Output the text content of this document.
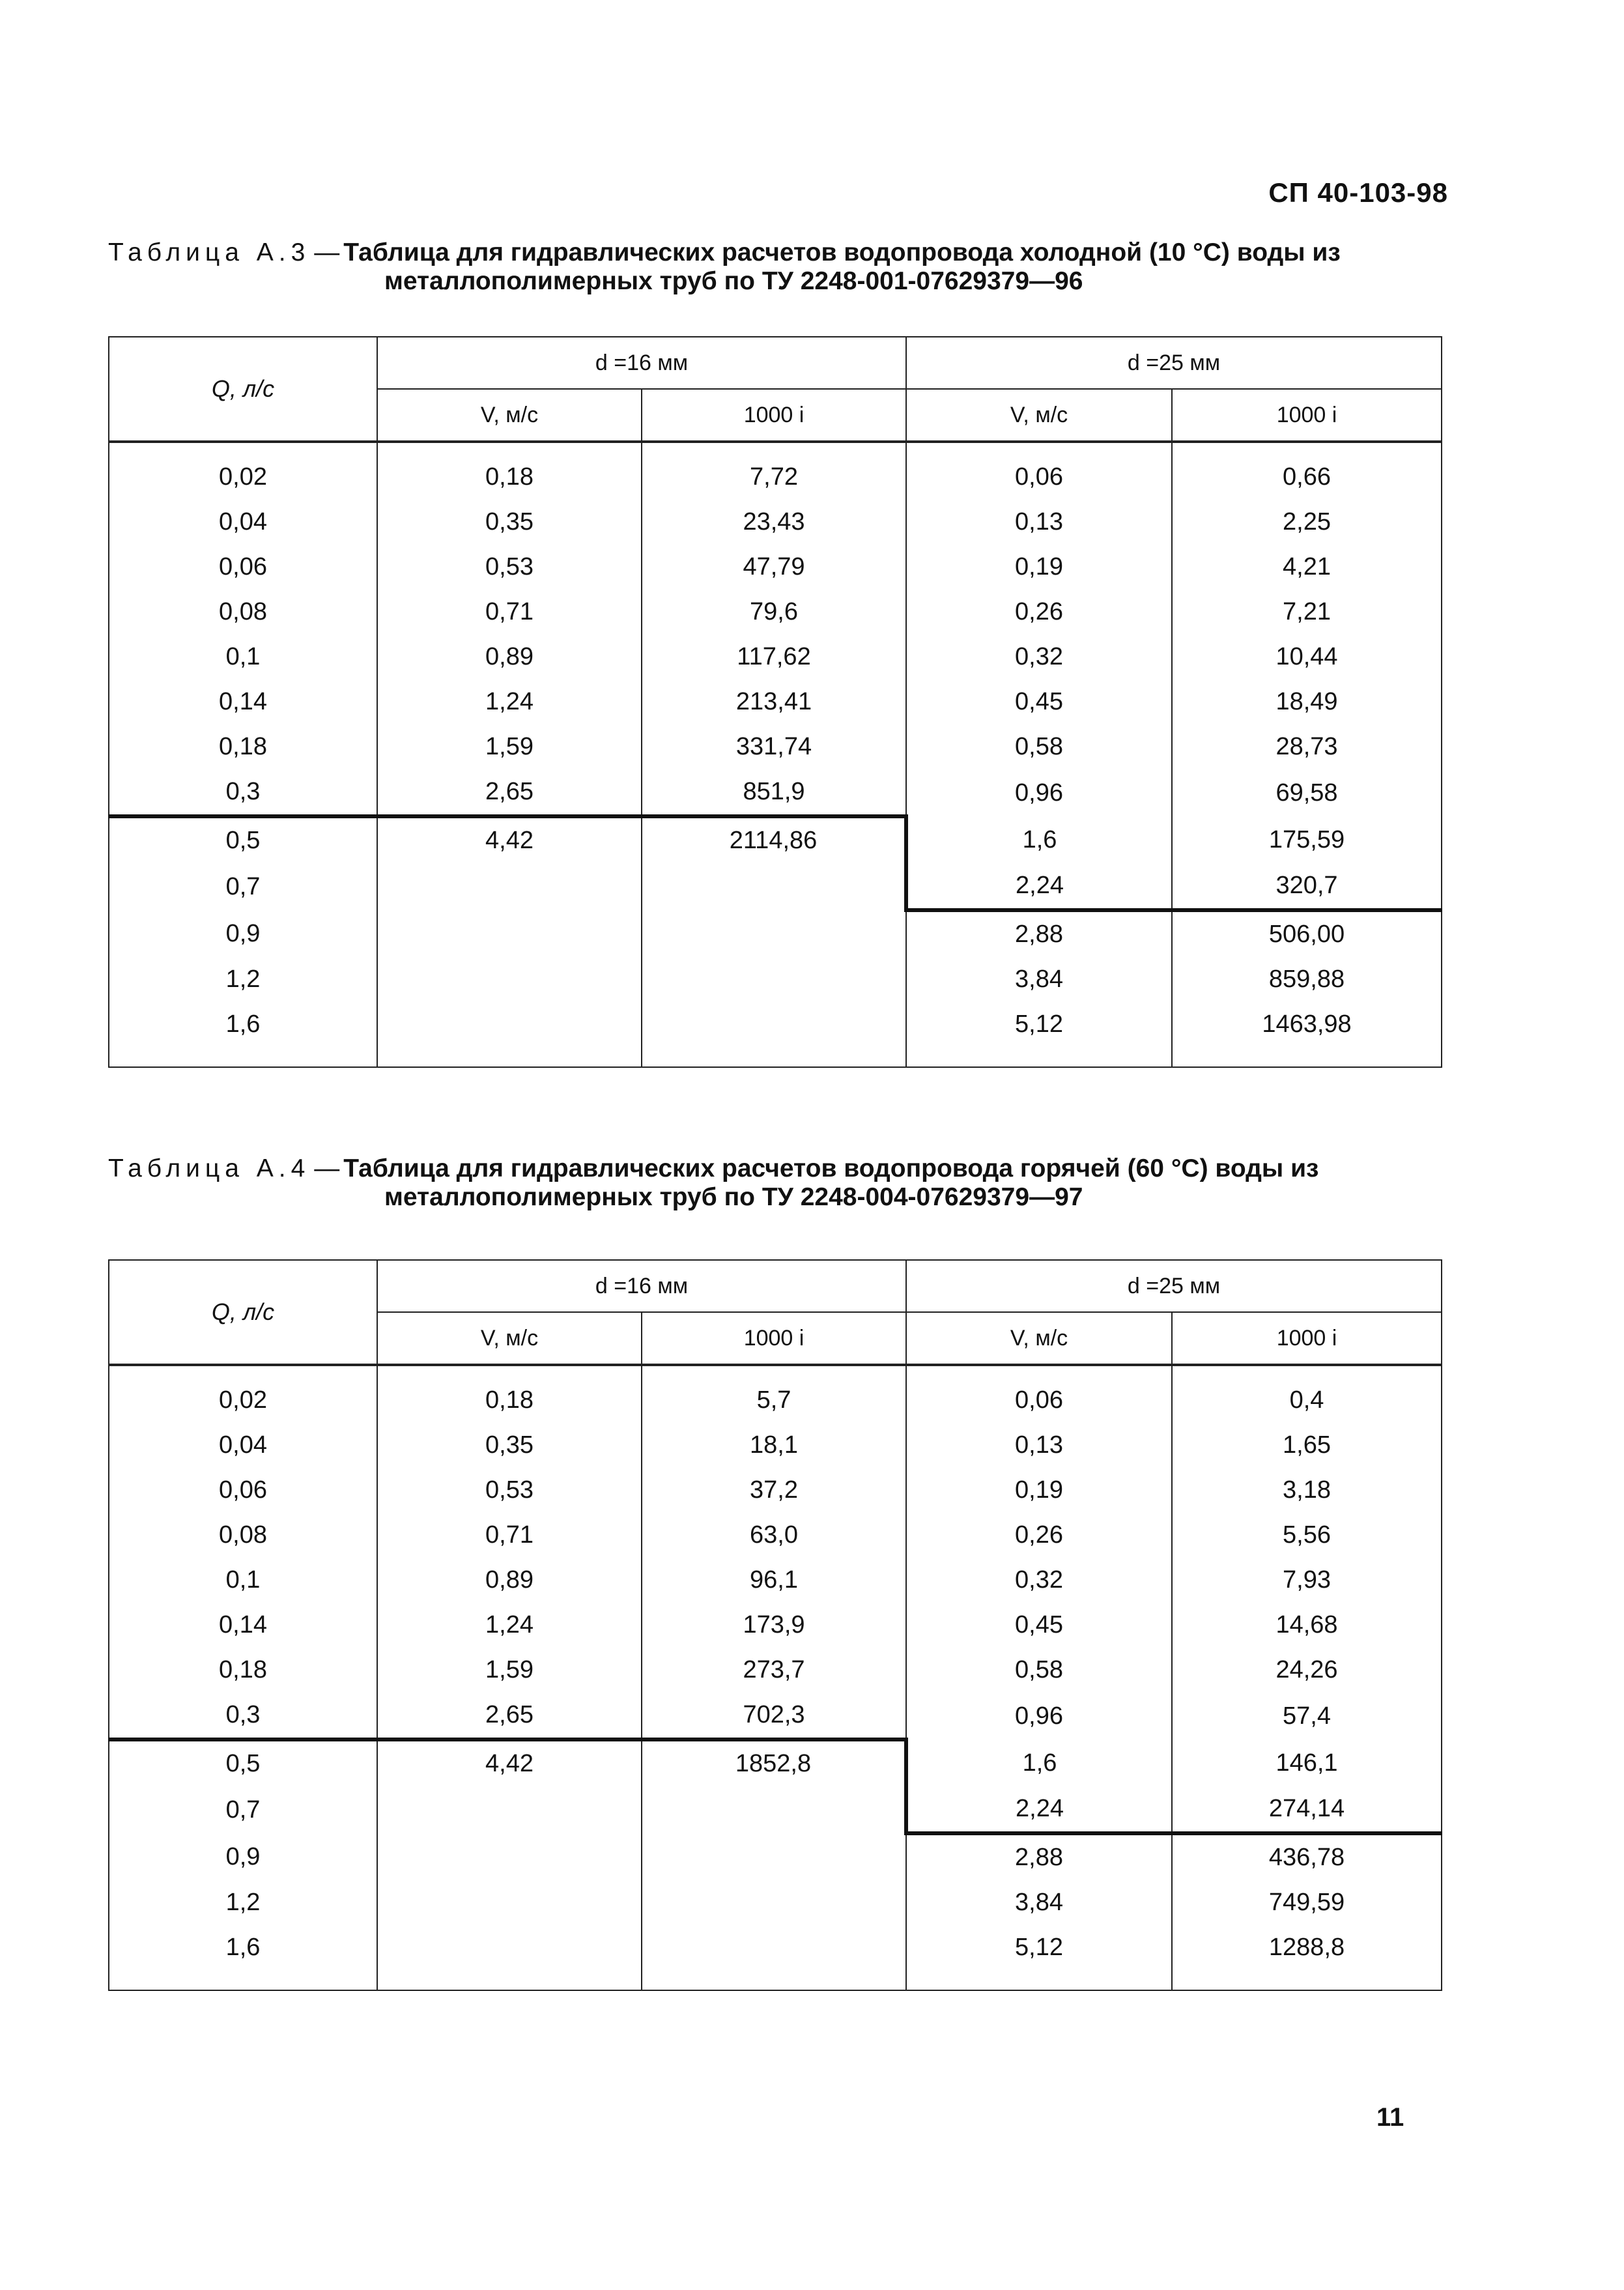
СП 40-103-98
Таблица А.3 — Таблица для гидравлических расчетов водопровода холодной (10 °С) воды из
металлополимерных труб по ТУ 2248-001-07629379—96
Q, л/с	d =16 мм		d =25 мм	
	V, м/с	1000 i	V, м/с	1000 i
0,02	0,18	7,72	0,06	0,66
0,04	0,35	23,43	0,13	2,25
0,06	0,53	47,79	0,19	4,21
0,08	0,71	79,6	0,26	7,21
0,1	0,89	117,62	0,32	10,44
0,14	1,24	213,41	0,45	18,49
0,18	1,59	331,74	0,58	28,73
0,3	2,65	851,9	0,96	69,58
0,5	4,42	2114,86	1,6	175,59
0,7			2,24	320,7
0,9			2,88	506,00
1,2			3,84	859,88
1,6			5,12	1463,98
Таблица А.4 — Таблица для гидравлических расчетов водопровода горячей (60 °С) воды из
металлополимерных труб по ТУ 2248-004-07629379—97
Q, л/с	d =16 мм		d =25 мм	
	V, м/с	1000 i	V, м/с	1000 i
0,02	0,18	5,7	0,06	0,4
0,04	0,35	18,1	0,13	1,65
0,06	0,53	37,2	0,19	3,18
0,08	0,71	63,0	0,26	5,56
0,1	0,89	96,1	0,32	7,93
0,14	1,24	173,9	0,45	14,68
0,18	1,59	273,7	0,58	24,26
0,3	2,65	702,3	0,96	57,4
0,5	4,42	1852,8	1,6	146,1
0,7			2,24	274,14
0,9			2,88	436,78
1,2			3,84	749,59
1,6			5,12	1288,8
11
